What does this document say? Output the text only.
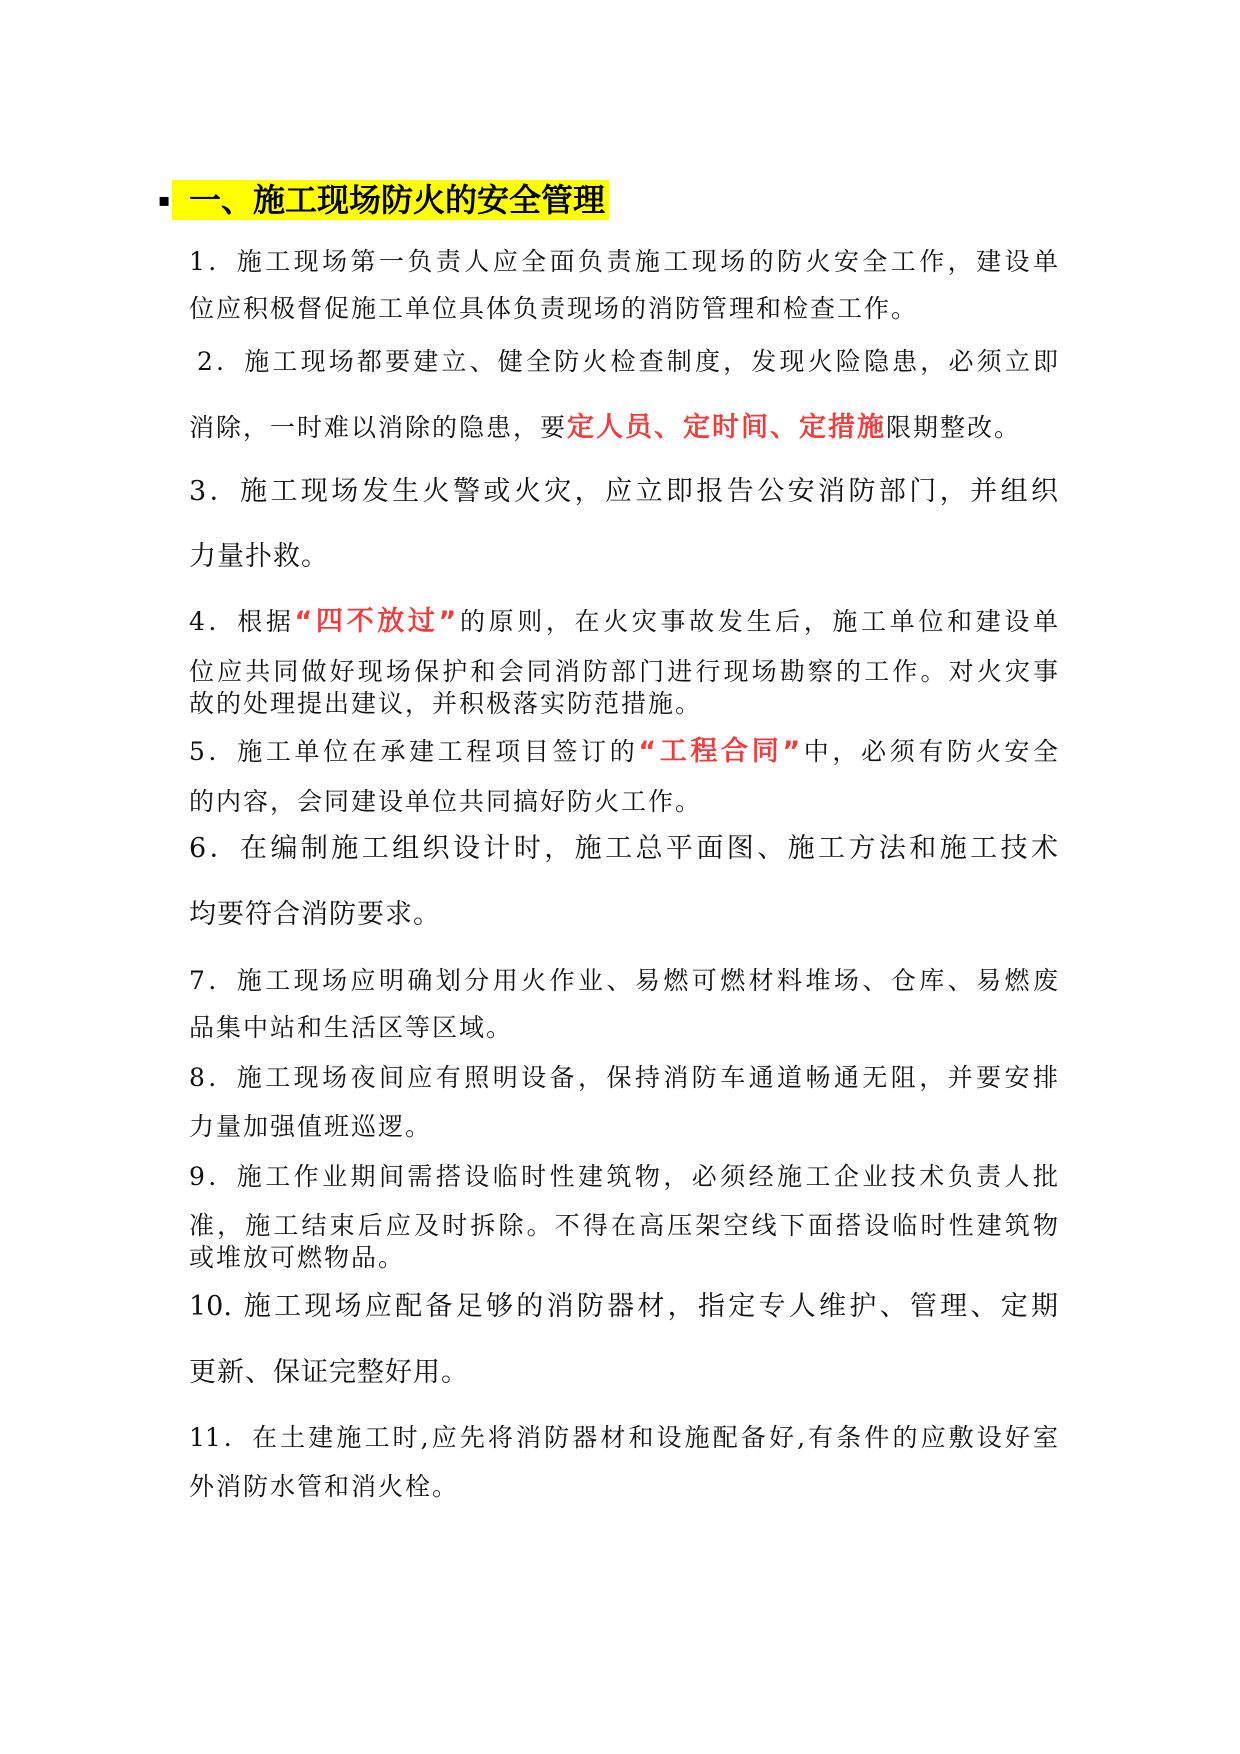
▪ 一、施工现场防火的安全管理
1．施工现场第一负责人应全面负责施工现场的防火安全工作，建设单
位应积极督促施工单位具体负责现场的消防管理和检查工作。
2．施工现场都要建立、健全防火检查制度，发现火险隐患，必须立即
消除，一时难以消除的隐患，要定人员、定时间、定措施限期整改。
3．施工现场发生火警或火灾，应立即报告公安消防部门，并组织
力量扑救。
4．根据“四不放过”的原则，在火灾事故发生后，施工单位和建设单
位应共同做好现场保护和会同消防部门进行现场勘察的工作。对火灾事
故的处理提出建议，并积极落实防范措施。
5．施工单位在承建工程项目签订的“工程合同”中，必须有防火安全
的内容，会同建设单位共同搞好防火工作。
6．在编制施工组织设计时，施工总平面图、施工方法和施工技术
均要符合消防要求。
7．施工现场应明确划分用火作业、易燃可燃材料堆场、仓库、易燃废
品集中站和生活区等区域。
8．施工现场夜间应有照明设备，保持消防车通道畅通无阻，并要安排
力量加强值班巡逻。
9．施工作业期间需搭设临时性建筑物，必须经施工企业技术负责人批
准，施工结束后应及时拆除。不得在高压架空线下面搭设临时性建筑物
或堆放可燃物品。
10. 施工现场应配备足够的消防器材，指定专人维护、管理、定期
更新、保证完整好用。
11．在土建施工时,应先将消防器材和设施配备好,有条件的应敷设好室
外消防水管和消火栓。
